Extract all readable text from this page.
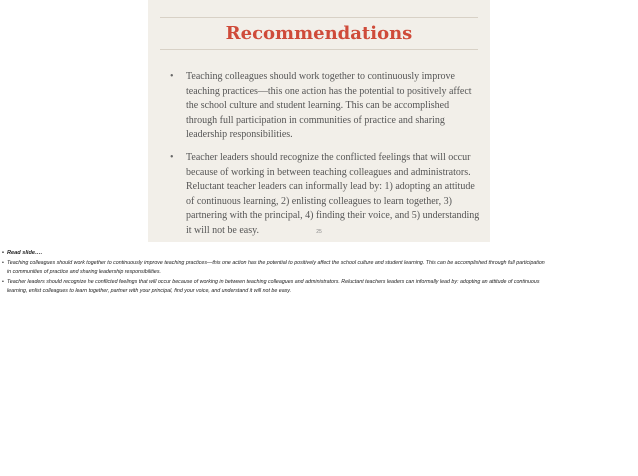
Recommendations
• Teaching colleagues should work together to continuously improve teaching practices—this one action has the potential to positively affect the school culture and student learning. This can be accomplished through full participation in communities of practice and sharing leadership responsibilities.
• Teacher leaders should recognize the conflicted feelings that will occur because of working in between teaching colleagues and administrators. Reluctant teacher leaders can informally lead by: 1) adopting an attitude of continuous learning, 2) enlisting colleagues to learn together, 3) partnering with the principal, 4) finding their voice, and 5) understanding it will not be easy.	25
• Read slide….
• Teaching colleagues should work together to continuously improve teaching practices—this one action has the potential to positively affect the school culture and student learning. This can be accomplished through full participation
in communities of practice and sharing leadership responsibilities.
• Teacher leaders should recognize he conflicted feelings that will occur because of working in between teaching colleagues and administrators. Reluctant teachers leaders can informally lead by: adopting an attitude of continuous
learning, enlist colleagues to learn together, partner with your principal, find your voice, and understand it will not be easy.
